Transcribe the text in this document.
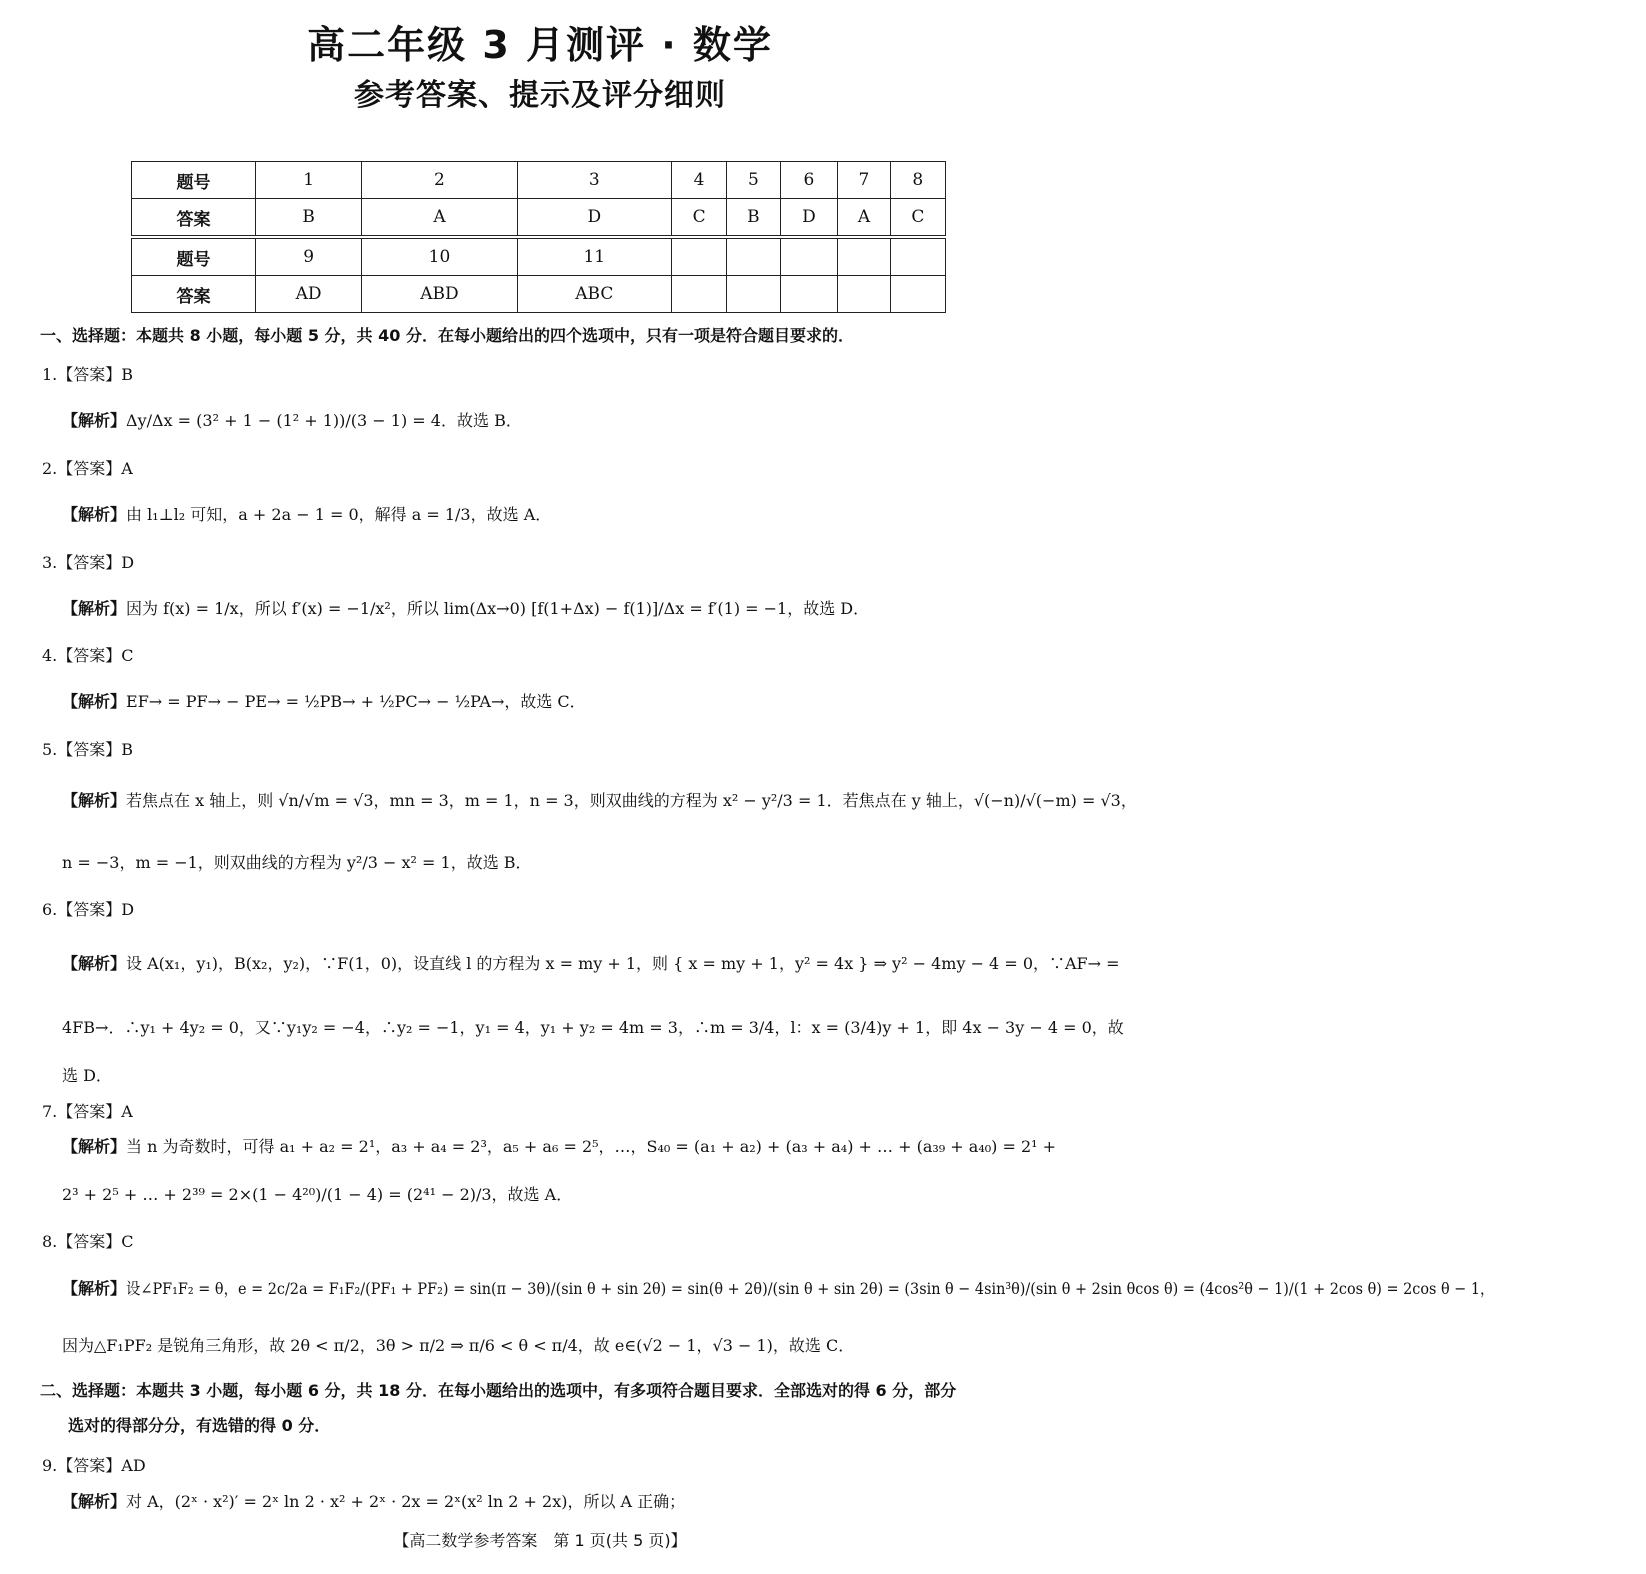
高二年级 3 月测评 · 数学
参考答案、提示及评分细则
题号	1	2	3	4	5	6	7	8
答案	B	A	D	C	B	D	A	C
题号	9	10	11					
答案	AD	ABD	ABC					
一、选择题：本题共 8 小题，每小题 5 分，共 40 分．在每小题给出的四个选项中，只有一项是符合题目要求的．
1.【答案】B
【解析】Δy/Δx = (3² + 1 − (1² + 1))/(3 − 1) = 4．故选 B．
2.【答案】A
【解析】由 l₁⊥l₂ 可知，a + 2a − 1 = 0，解得 a = 1/3，故选 A．
3.【答案】D
【解析】因为 f(x) = 1/x，所以 f′(x) = −1/x²，所以 lim(Δx→0) [f(1+Δx) − f(1)]/Δx = f′(1) = −1，故选 D．
4.【答案】C
【解析】EF→ = PF→ − PE→ = ½PB→ + ½PC→ − ½PA→，故选 C．
5.【答案】B
【解析】若焦点在 x 轴上，则 √n/√m = √3，mn = 3，m = 1，n = 3，则双曲线的方程为 x² − y²/3 = 1．若焦点在 y 轴上，√(−n)/√(−m) = √3，
n = −3，m = −1，则双曲线的方程为 y²/3 − x² = 1，故选 B．
6.【答案】D
【解析】设 A(x₁，y₁)，B(x₂，y₂)，∵F(1，0)，设直线 l 的方程为 x = my + 1，则 { x = my + 1，y² = 4x } ⇒ y² − 4my − 4 = 0，∵AF→ =
4FB→．∴y₁ + 4y₂ = 0，又∵y₁y₂ = −4，∴y₂ = −1，y₁ = 4，y₁ + y₂ = 4m = 3，∴m = 3/4，l：x = (3/4)y + 1，即 4x − 3y − 4 = 0，故
选 D．
7.【答案】A
【解析】当 n 为奇数时，可得 a₁ + a₂ = 2¹，a₃ + a₄ = 2³，a₅ + a₆ = 2⁵，…，S₄₀ = (a₁ + a₂) + (a₃ + a₄) + … + (a₃₉ + a₄₀) = 2¹ +
2³ + 2⁵ + … + 2³⁹ = 2×(1 − 4²⁰)/(1 − 4) = (2⁴¹ − 2)/3，故选 A．
8.【答案】C
【解析】设∠PF₁F₂ = θ，e = 2c/2a = F₁F₂/(PF₁ + PF₂) = sin(π − 3θ)/(sin θ + sin 2θ) = sin(θ + 2θ)/(sin θ + sin 2θ) = (3sin θ − 4sin³θ)/(sin θ + 2sin θcos θ) = (4cos²θ − 1)/(1 + 2cos θ) = 2cos θ − 1，
因为△F₁PF₂ 是锐角三角形，故 2θ < π/2，3θ > π/2 ⇒ π/6 < θ < π/4，故 e∈(√2 − 1，√3 − 1)，故选 C．
二、选择题：本题共 3 小题，每小题 6 分，共 18 分．在每小题给出的选项中，有多项符合题目要求．全部选对的得 6 分，部分
选对的得部分分，有选错的得 0 分．
9.【答案】AD
【解析】对 A，(2ˣ · x²)′ = 2ˣ ln 2 · x² + 2ˣ · 2x = 2ˣ(x² ln 2 + 2x)，所以 A 正确；
【高二数学参考答案　第 1 页(共 5 页)】
